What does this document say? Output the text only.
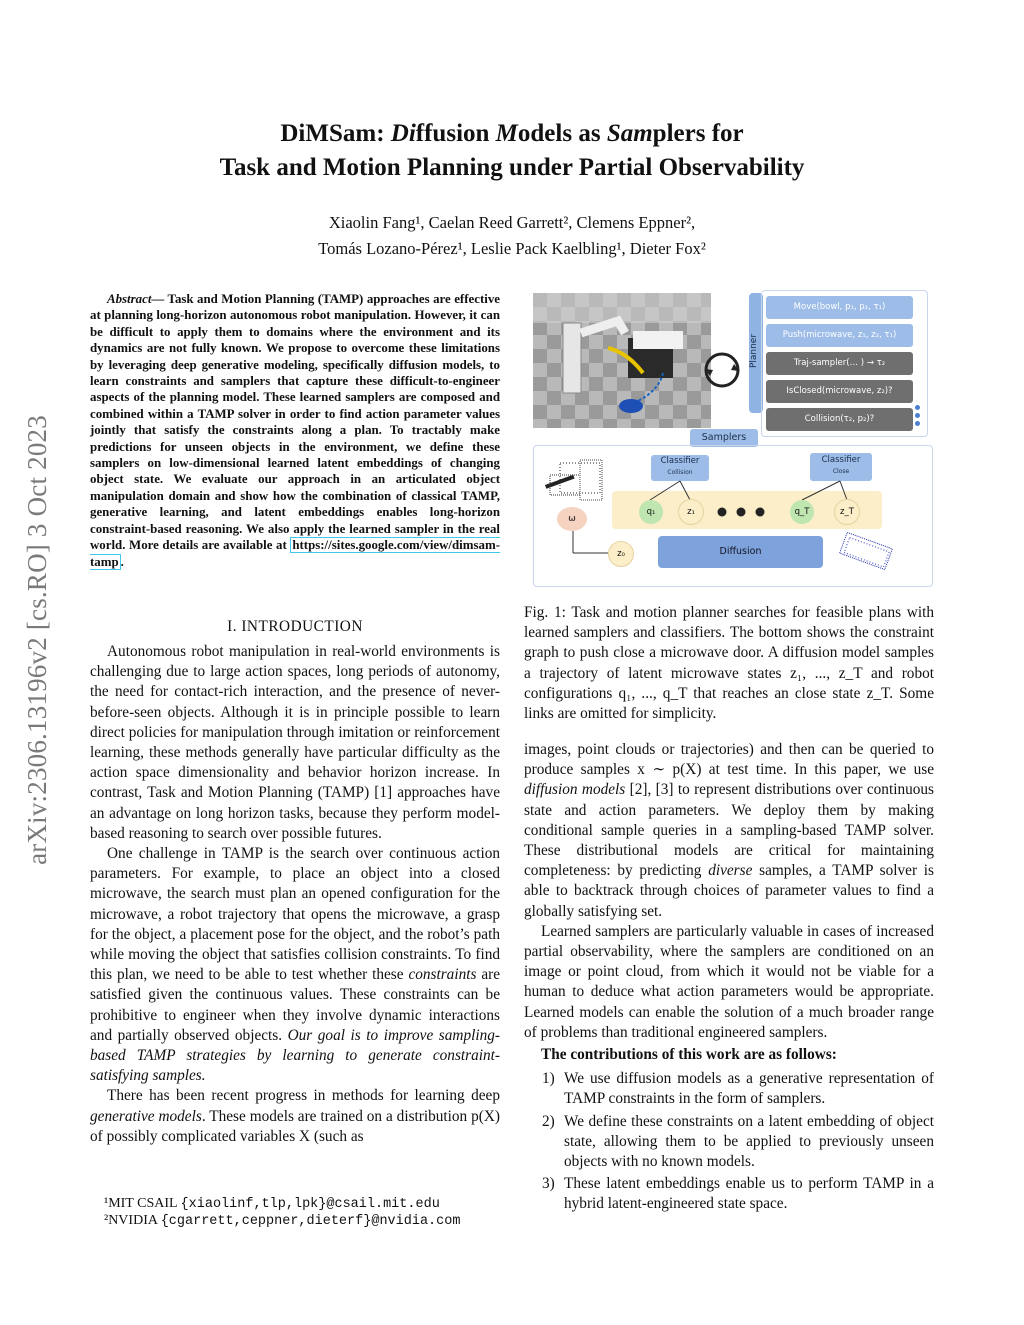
arXiv:2306.13196v2 [cs.RO] 3 Oct 2023
DiMSam: Diffusion Models as Samplers for
Task and Motion Planning under Partial Observability
Xiaolin Fang¹, Caelan Reed Garrett², Clemens Eppner²,
Tomás Lozano-Pérez¹, Leslie Pack Kaelbling¹, Dieter Fox²
Abstract— Task and Motion Planning (TAMP) approaches are effective at planning long-horizon autonomous robot manipulation. However, it can be difficult to apply them to domains where the environment and its dynamics are not fully known. We propose to overcome these limitations by leveraging deep generative modeling, specifically diffusion models, to learn constraints and samplers that capture these difficult-to-engineer aspects of the planning model. These learned samplers are composed and combined within a TAMP solver in order to find action parameter values jointly that satisfy the constraints along a plan. To tractably make predictions for unseen objects in the environment, we define these samplers on low-dimensional learned latent embeddings of changing object state. We evaluate our approach in an articulated object manipulation domain and show how the combination of classical TAMP, generative learning, and latent embeddings enables long-horizon constraint-based reasoning. We also apply the learned sampler in the real world. More details are available at https://sites.google.com/view/dimsam-tamp .
I. INTRODUCTION

Autonomous robot manipulation in real-world environments is challenging due to large action spaces, long periods of autonomy, the need for contact-rich interaction, and the presence of never-before-seen objects. Although it is in principle possible to learn direct policies for manipulation through imitation or reinforcement learning, these methods generally have particular difficulty as the action space dimensionality and behavior horizon increase. In contrast, Task and Motion Planning (TAMP) [1] approaches have an advantage on long horizon tasks, because they perform model-based reasoning to search over possible futures.

One challenge in TAMP is the search over continuous action parameters. For example, to place an object into a closed microwave, the search must plan an opened configuration for the microwave, a robot trajectory that opens the microwave, a grasp for the object, a placement pose for the object, and the robot’s path while moving the object that satisfies collision constraints. To find this plan, we need to be able to test whether these constraints are satisfied given the continuous values. These constraints can be prohibitive to engineer when they involve dynamic interactions and partially observed objects. Our goal is to improve sampling-based TAMP strategies by learning to generate constraint-satisfying samples.

There has been recent progress in methods for learning deep generative models. These models are trained on a distribution p(X) of possibly complicated variables X (such as

¹MIT CSAIL {xiaolinf,tlp,lpk}@csail.mit.edu
²NVIDIA {cgarrett,ceppner,dieterf}@nvidia.com
Planner
Move(bowl, p₁, p₂, τ₁)
Push(microwave, z₁, z₂, τ₁)
Traj-sampler(… ) → τ₂
IsClosed(microwave, z₂)?
Collision(τ₂, p₂)?
Samplers
Classifier
Collision
Classifier
Close
q₁	z₁	q_T	z_T
ω
z₀	Diffusion
Fig. 1: Task and motion planner searches for feasible plans with learned samplers and classifiers. The bottom shows the constraint graph to push close a microwave door. A diffusion model samples a trajectory of latent microwave states z₁, ..., z_T and robot configurations q₁, ..., q_T that reaches an close state z_T. Some links are omitted for simplicity.

images, point clouds or trajectories) and then can be queried to produce samples x ∼ p(X) at test time. In this paper, we use diffusion models [2], [3] to represent distributions over continuous state and action parameters. We deploy them by making conditional sample queries in a sampling-based TAMP solver. These distributional models are critical for maintaining completeness: by predicting diverse samples, a TAMP solver is able to backtrack through choices of parameter values to find a globally satisfying set.

Learned samplers are particularly valuable in cases of increased partial observability, where the samplers are conditioned on an image or point cloud, from which it would not be viable for a human to deduce what action parameters would be appropriate. Learned models can enable the solution of a much broader range of problems than traditional engineered samplers.

The contributions of this work are as follows:

1) We use diffusion models as a generative representation of TAMP constraints in the form of samplers.
2) We define these constraints on a latent embedding of object state, allowing them to be applied to previously unseen objects with no known models.
3) These latent embeddings enable us to perform TAMP in a hybrid latent-engineered state space.
